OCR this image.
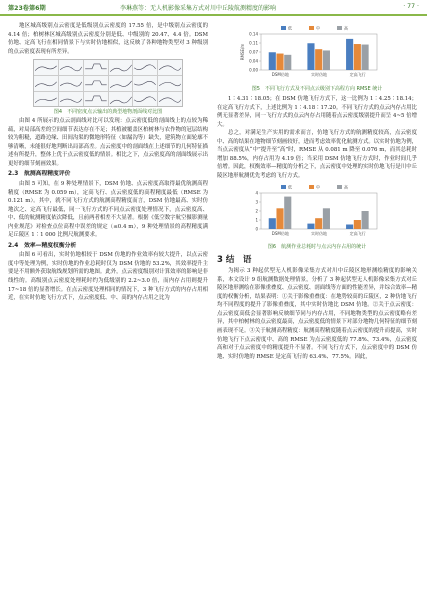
第23卷第6期	李琳燕等：无人机影像采集方式对川中丘陵航测精度的影响	· 77 ·

地区城高级别点云密度是低级别点云密度的 17.55 倍，是中级别点云密度的 4.14 倍；柏树林区城高级别点云密度分别是低、中级别的 20.47、4.4 倍。DSM 仿地、定高飞行在相同情景下与实时仿地相似，这反映了各种地物类型对 3 种级别的点云密度表现有所差异。

图4　不同密度点云输出的典型地物剖面线对比图

由图 4 所展示的点云剖面线对比可以发现：点云密度低的剖面线上的点较为稀疏，对局部高差的空间细节表达存在不足；其植被覆盖区柏树林与农作物的冠层结构较为粗糙，道路边缘、田间沟渠的微地形特征（如漏沟等）缺失，建筑物立面轮廓不够清晰，未能很好地判断出局部高差。点云密度中的剖面线在上述细节的几何特征描述有所提升，整体上优于点云密度低的情景。相比之下，点云密度高的剖面线展示出更好的细节刻画效果。

2.3　航测高程精度评价

由图 5 可知，在 9 种处理情景下，DSM 仿地、点云密度高取得最优航测高程精度（RMSE 为 0.059 m），定高飞行、点云密度低的高程精度最低（RMSE 为 0.121 m）。其中，就不同飞行方式的航测高程精度而言，DSM 仿地最高、实时仿地次之、定高飞行最低，同一飞行方式的不同点云密度处理情况下，点云密度高、中、低的航测精度依次降低，且前两者相差不大显著。根据《低空数字航空摄影测量内业规范》对检查点位高程中误差的规定（≤0.4 m），9 种处理情景的高程精度满足丘陵区 1∶1 000 比例尺航测要求。

2.4　效率—精度权衡分析

由图 6 可看出，实时仿地相较于 DSM 仿地的作业效率有较大提升，以点云密度中等处理为例，实时仿地的作业总耗时仅为 DSM 仿地的 53.2%，其效率提升主要是不用额外获取航线规划所需的地图。此外，点云密度级别对计算效率的影响是非线性的。高级别点云密度处理耗时约为低级别的 2.2~3.0 倍，而内存占用则提升 17~18 倍的显著增长。在点云密度处理相同的情况下，3 种飞行方式的内存占用相近，在实时仿地飞行方式下，点云密度低、中、高的内存占用之比为

0.00
0.04
0.07
0.11
0.14
RMSE/m
低	中	高
DSM仿地	实时仿地	定高飞行
图5　不同飞行方式及不同点云级别下高程方向 RMSE 统计

1∶4.31∶18.05；在 DSM 仿地飞行方式下，这一比例为 1∶4.25∶18.14；在定高飞行方式下，上述比例为 1∶4.18∶17.20。不同飞行方式的点云内存占用比例无显著差异，同一飞行方式的点云内存占用随着点云密度级别提升而呈 4~5 倍增大。

总之，对满足生产实用的需求而言，仿地飞行方式的航测精度较高，点云密度中、高的结果在地物细节刻画较好，进而考虑效率优化航测方式。以实时仿地为例，当点云密度从“中”提升至“高”时，RMSE 从 0.081 m 降至 0.076 m，而其总耗时增加 88.5%，内存占用为 4.19 倍；当采用 DSM 仿地飞行方式时，作业时间几乎倍增。因此，权衡效率—精度的分析之下，点云密度中处理的实时仿地飞行是川中丘陵区地形航测优先考虑的飞行方式。

0
1
2
3
4
低	中	高
DSM仿地	实时仿地	定高飞行
图6　航测作业总耗时与点云内存占用的统计
3 结　语

为揭示 3 种起伏型无人机影像采集方式对川中丘陵区地形测绘精度的影响关系，本文设计 9 组航测数据处理情景，分析了 3 种起伏型无人机影像采集方式对丘陵区地形测绘在影像重叠度、点云密度、剖面线等方面的性能差异，并综合效率—精度的权衡分析，结果表明：①关于影像重叠度：在地势较高的丘陵区，2 种仿地飞行均不同程度的提升了影像重叠度，其中实时仿地比 DSM 仿地。②关于点云密度：点云密度高低会显著影响反映细节同与内存占用，不同地物类型的点云密度略有差异，其中柏树林的点云密度最高，点云密度低的情景下对部分地物几何特征的细节刻画表现不足。③关于航测高程精度：航测高程精度随着点云密度的提升而提高，实时仿地飞行下点云密度中、高的 RMSE 为点云密度低的 77.8%、73.4%，点云密度高和对于点云密度中的精度提升不显著。不同飞行方式下，点云密度中的 DSM 仿地、实时仿地的 RMSE 是定高飞行的 63.4%、77.5%。因此，
